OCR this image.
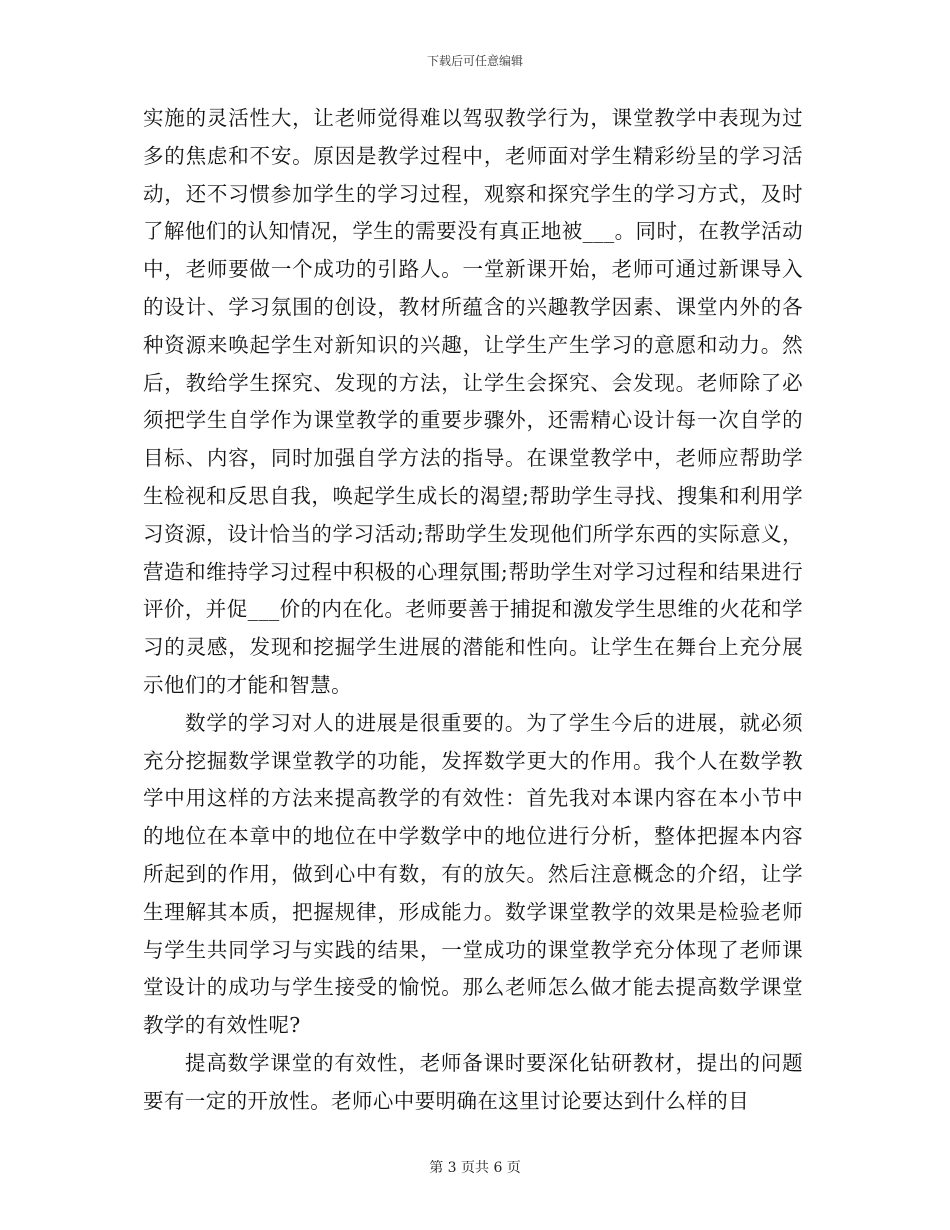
下载后可任意编辑

实施的灵活性大，让老师觉得难以驾驭教学行为，课堂教学中表现为过多的焦虑和不安。原因是教学过程中，老师面对学生精彩纷呈的学习活动，还不习惯参加学生的学习过程，观察和探究学生的学习方式，及时了解他们的认知情况，学生的需要没有真正地被___。同时，在教学活动中，老师要做一个成功的引路人。一堂新课开始，老师可通过新课导入的设计、学习氛围的创设，教材所蕴含的兴趣教学因素、课堂内外的各种资源来唤起学生对新知识的兴趣，让学生产生学习的意愿和动力。然后，教给学生探究、发现的方法，让学生会探究、会发现。老师除了必须把学生自学作为课堂教学的重要步骤外，还需精心设计每一次自学的目标、内容，同时加强自学方法的指导。在课堂教学中，老师应帮助学生检视和反思自我，唤起学生成长的渴望;帮助学生寻找、搜集和利用学习资源，设计恰当的学习活动;帮助学生发现他们所学东西的实际意义，营造和维持学习过程中积极的心理氛围;帮助学生对学习过程和结果进行评价，并促___价的内在化。老师要善于捕捉和激发学生思维的火花和学习的灵感，发现和挖掘学生进展的潜能和性向。让学生在舞台上充分展示他们的才能和智慧。

数学的学习对人的进展是很重要的。为了学生今后的进展，就必须充分挖掘数学课堂教学的功能，发挥数学更大的作用。我个人在数学教学中用这样的方法来提高教学的有效性：首先我对本课内容在本小节中的地位在本章中的地位在中学数学中的地位进行分析，整体把握本内容所起到的作用，做到心中有数，有的放矢。然后注意概念的介绍，让学生理解其本质，把握规律，形成能力。数学课堂教学的效果是检验老师与学生共同学习与实践的结果，一堂成功的课堂教学充分体现了老师课堂设计的成功与学生接受的愉悦。那么老师怎么做才能去提高数学课堂教学的有效性呢?

提高数学课堂的有效性，老师备课时要深化钻研教材，提出的问题要有一定的开放性。老师心中要明确在这里讨论要达到什么样的目

第 3 页共 6 页
